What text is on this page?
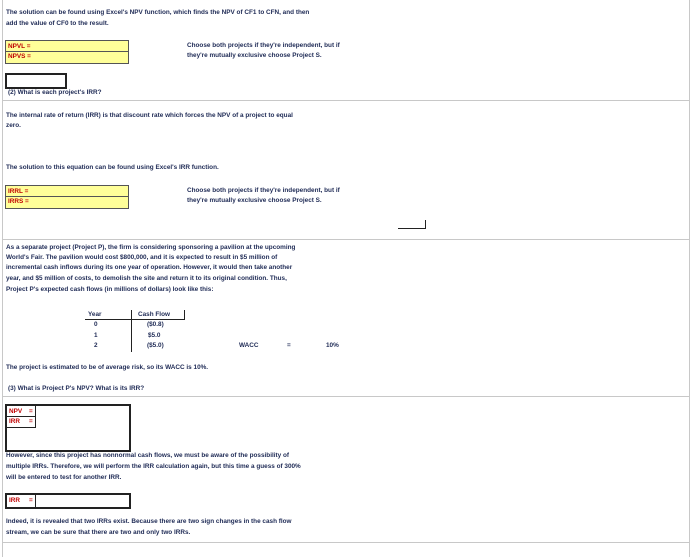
The solution can be found using Excel's NPV function, which finds the NPV of CF1 to CFN, and then
add the value of CF0 to the result.
NPVL =
NPVS =
Choose both projects if they're independent, but if
they're mutually exclusive choose Project S.
(2) What is each project's IRR?
The internal rate of return (IRR) is that discount rate which forces the NPV of a project to equal
zero.
The solution to this equation can be found using Excel's IRR function.
IRRL =
IRRS =
Choose both projects if they're independent, but if
they're mutually exclusive choose Project S.
As a separate project (Project P), the firm is considering sponsoring a pavilion at the upcoming
World's Fair. The pavilion would cost $800,000, and it is expected to result in $5 million of
incremental cash inflows during its one year of operation. However, it would then take another
year, and $5 million of costs, to demolish the site and return it to its original condition. Thus,
Project P's expected cash flows (in millions of dollars) look like this:
Year	Cash Flow
0	($0.8)
1	$5.0
2	($5.0)	WACC	=	10%
The project is estimated to be of average risk, so its WACC is 10%.
(3) What is Project P's NPV? What is its IRR?
NPV =
IRR =
However, since this project has nonnormal cash flows, we must be aware of the possibility of
multiple IRRs. Therefore, we will perform the IRR calculation again, but this time a guess of 300%
will be entered to test for another IRR.
IRR =
Indeed, it is revealed that two IRRs exist. Because there are two sign changes in the cash flow
stream, we can be sure that there are two and only two IRRs.
